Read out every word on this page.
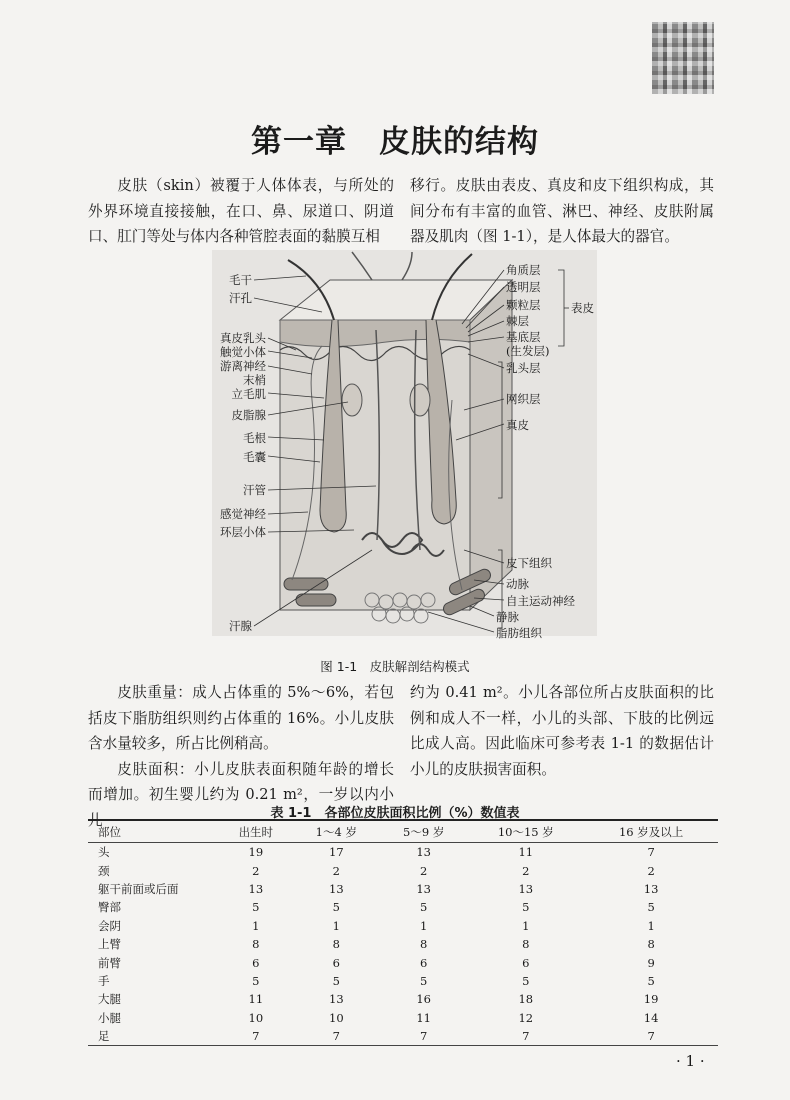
第一章　皮肤的结构

皮肤（skin）被覆于人体体表，与所处的外界环境直接接触，在口、鼻、尿道口、阴道口、肛门等处与体内各种管腔表面的黏膜互相

移行。皮肤由表皮、真皮和皮下组织构成，其间分布有丰富的血管、淋巴、神经、皮肤附属器及肌肉（图 1-1），是人体最大的器官。

毛干
汗孔
真皮乳头
触觉小体
游离神经
末梢
立毛肌
皮脂腺
毛根
毛囊
汗管
感觉神经
环层小体
汗腺
角质层
透明层
颗粒层
棘层
基底层
(生发层)
乳头层
网织层
真皮
皮下组织
动脉
自主运动神经
静脉
脂肪组织
表皮
图 1-1　皮肤解剖结构模式

皮肤重量：成人占体重的 5%～6%，若包括皮下脂肪组织则约占体重的 16%。小儿皮肤含水量较多，所占比例稍高。

皮肤面积：小儿皮肤表面积随年龄的增长而增加。初生婴儿约为 0.21 m²，一岁以内小儿

约为 0.41 m²。小儿各部位所占皮肤面积的比例和成人不一样，小儿的头部、下肢的比例远比成人高。因此临床可参考表 1-1 的数据估计小儿的皮肤损害面积。

表 1-1　各部位皮肤面积比例（%）数值表
部位	出生时	1～4 岁	5～9 岁	10～15 岁	16 岁及以上
头	19	17	13	11	7
颈	2	2	2	2	2
躯干前面或后面	13	13	13	13	13
臀部	5	5	5	5	5
会阴	1	1	1	1	1
上臂	8	8	8	8	8
前臂	6	6	6	6	9
手	5	5	5	5	5
大腿	11	13	16	18	19
小腿	10	10	11	12	14
足	7	7	7	7	7
· 1 ·
